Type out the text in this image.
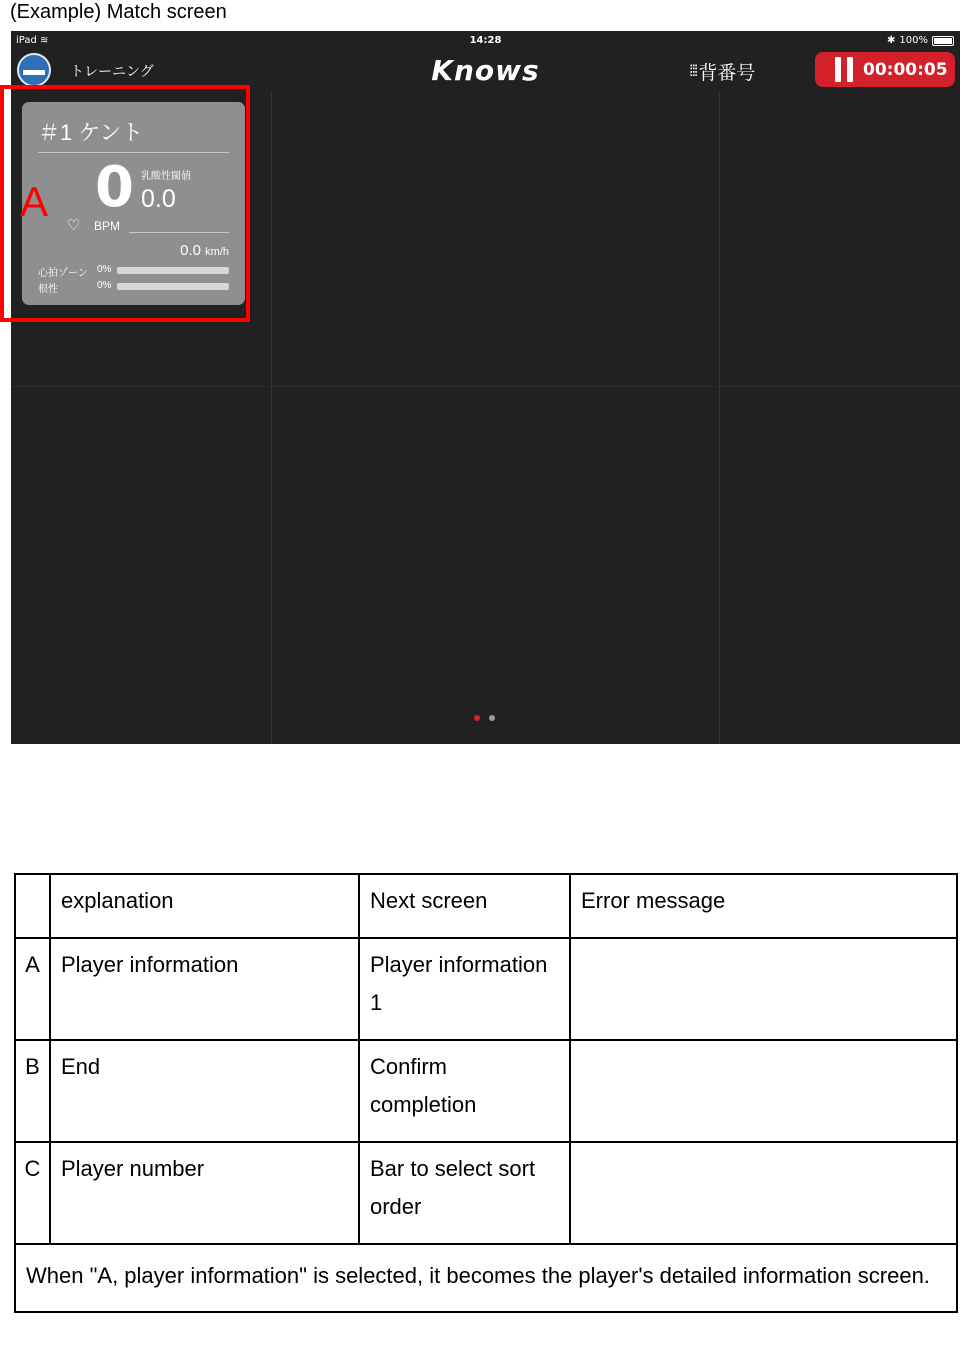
(Example) Match screen
iPad ≋	14:28	✱ 100%
トレーニング	Knows	⁞⁞⁞ 背番号	00:00:05
＃1 ケント
0 乳酸性閾値
0.0
♡ BPM
0.0 km/h
心拍ゾーン 0%
根性	0%
A
	explanation	Next screen	Error message
A	Player information	Player information 1	
B	End	Confirm completion	
C	Player number	Bar to select sort order	
When "A, player information" is selected, it becomes the player's detailed information screen.			
